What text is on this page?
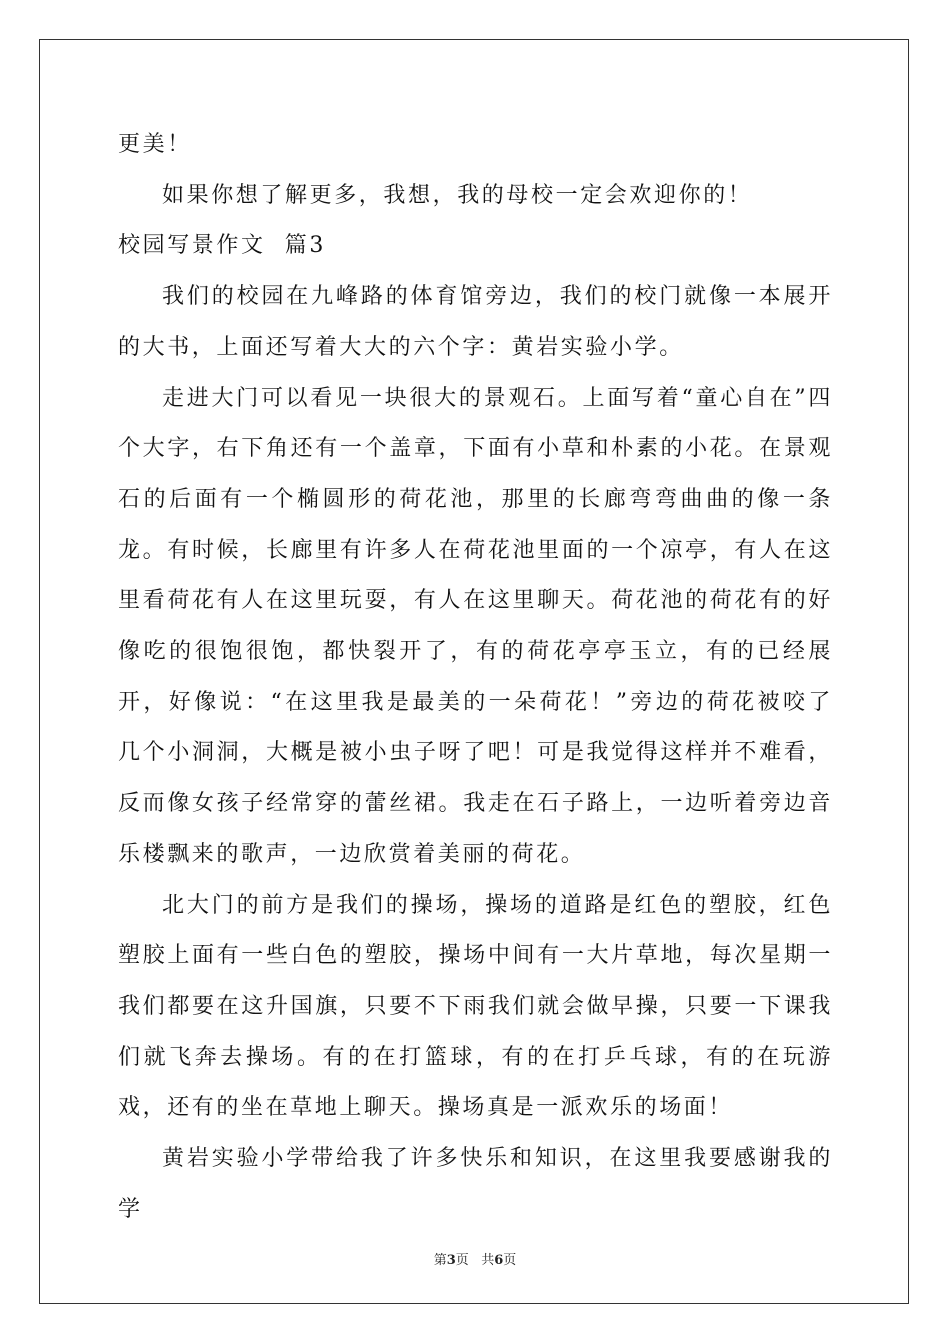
更美！

如果你想了解更多，我想，我的母校一定会欢迎你的！

校园写景作文  篇3

我们的校园在九峰路的体育馆旁边，我们的校门就像一本展开的大书，上面还写着大大的六个字：黄岩实验小学。

走进大门可以看见一块很大的景观石。上面写着“童心自在”四个大字，右下角还有一个盖章，下面有小草和朴素的小花。在景观石的后面有一个椭圆形的荷花池，那里的长廊弯弯曲曲的像一条龙。有时候，长廊里有许多人在荷花池里面的一个凉亭，有人在这里看荷花有人在这里玩耍，有人在这里聊天。荷花池的荷花有的好像吃的很饱很饱，都快裂开了，有的荷花亭亭玉立，有的已经展开，好像说：“在这里我是最美的一朵荷花！”旁边的荷花被咬了几个小洞洞，大概是被小虫子呀了吧！可是我觉得这样并不难看，反而像女孩子经常穿的蕾丝裙。我走在石子路上，一边听着旁边音乐楼飘来的歌声，一边欣赏着美丽的荷花。

北大门的前方是我们的操场，操场的道路是红色的塑胶，红色塑胶上面有一些白色的塑胶，操场中间有一大片草地，每次星期一我们都要在这升国旗，只要不下雨我们就会做早操，只要一下课我们就飞奔去操场。有的在打篮球，有的在打乒乓球，有的在玩游戏，还有的坐在草地上聊天。操场真是一派欢乐的场面！

黄岩实验小学带给我了许多快乐和知识，在这里我要感谢我的学

第3页 共6页
